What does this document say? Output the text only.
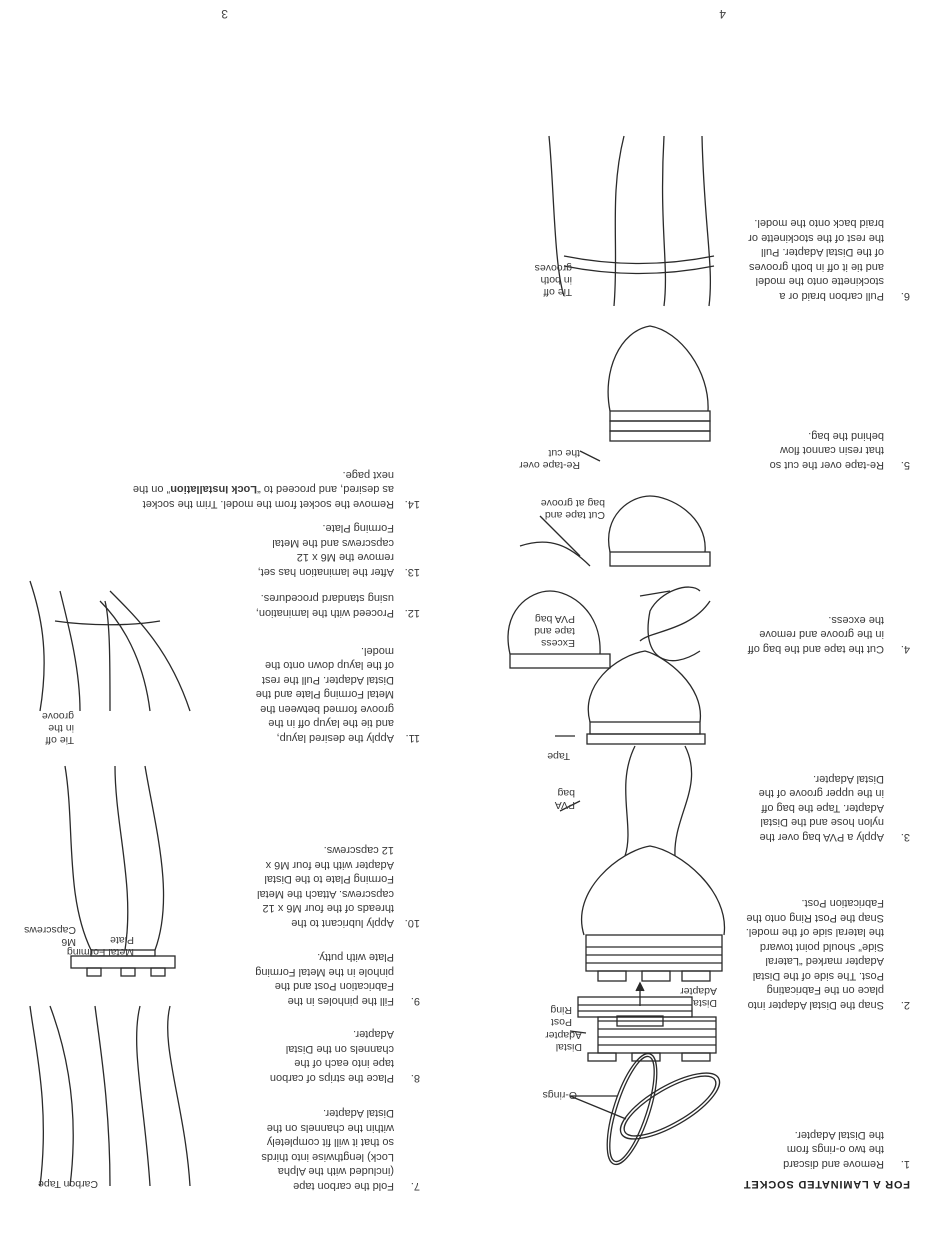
3	4
FOR A LAMINATED SOCKET
1.
Remove and discard
the two o-rings from
the Distal Adapter.
2.
Snap the Distal Adapter into
place on the Fabricating
Post. The side of the Distal
Adapter marked “Lateral
Side” should point toward
the lateral side of the model.
Snap the Post Ring onto the
Fabrication Post.
3.
Apply a PVA bag over the
nylon hose and the Distal
Adapter. Tape the bag off
in the upper groove of the
Distal Adapter.
4.
Cut the tape and the bag off
in the groove and remove
the excess.
5.
Re-tape over the cut so
that resin cannot flow
behind the bag.
6.
Pull carbon braid or a
stockinette onto the model
and tie it off in both grooves
of the Distal Adapter. Pull
the rest of the stockinette or
braid back onto the model.
7.
Fold the carbon tape
(included with the Alpha
Lock) lengthwise into thirds
so that it will fit completely
within the channels on the
Distal Adapter.
8.
Place the strips of carbon
tape into each of the
channels on the Distal
Adapter.
9.
Fill the pinholes in the
Fabrication Post and the
pinhole in the Metal Forming
Plate with putty.
10.
Apply lubricant to the
threads of the four M6 x 12
capscrews. Attach the Metal
Forming Plate to the Distal
Adapter with the four M6 x
12 capscrews.
11.
Apply the desired layup,
and tie the layup off in the
groove formed between the
Metal Forming Plate and the
Distal Adapter. Pull the rest
of the layup down onto the
model.
12.
Proceed with the lamination,
using standard procedures.
13.
After the lamination has set,
remove the M6 x 12
capscrews and the Metal
Forming Plate.
14.
Remove the socket from the model. Trim the socket
as desired, and proceed to “Lock Installation” on the
next page.
O-rings
Distal
Adapter
Post
Ring
Distal
Adapter
PVA
bag
Tape
Excess
tape and
PVA bag
Cut tape and
bag at groove
Re-tape over
the cut
Tie off
in both
grooves
Carbon Tape
Metal Forming
Plate
M6
Capscrews
Tie off
in the
groove
